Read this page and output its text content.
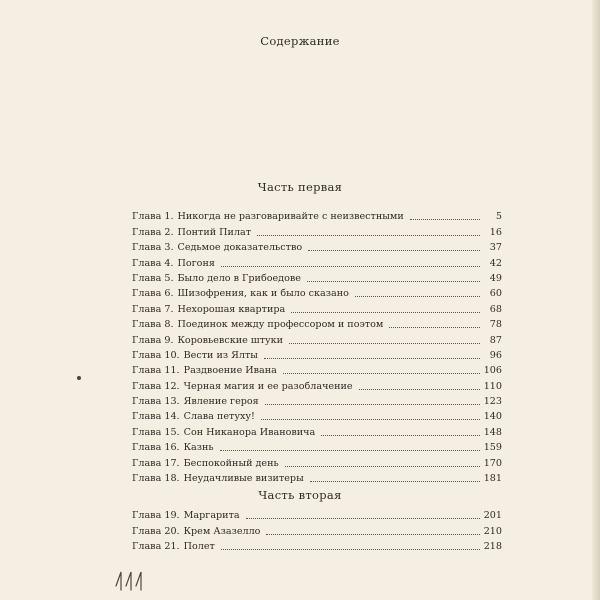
Содержание
Часть первая
Глава 1. Никогда не разговаривайте с неизвестными	5
Глава 2. Понтий Пилат	16
Глава 3. Седьмое доказательство	37
Глава 4. Погоня	42
Глава 5. Было дело в Грибоедове	49
Глава 6. Шизофрения, как и было сказано	60
Глава 7. Нехорошая квартира	68
Глава 8. Поединок между профессором и поэтом	78
Глава 9. Коровьевские штуки	87
Глава 10. Вести из Ялты	96
Глава 11. Раздвоение Ивана	106
Глава 12. Черная магия и ее разоблачение	110
Глава 13. Явление героя	123
Глава 14. Слава петуху!	140
Глава 15. Сон Никанора Ивановича	148
Глава 16. Казнь	159
Глава 17. Беспокойный день	170
Глава 18. Неудачливые визитеры	181
Часть вторая
Глава 19. Маргарита	201
Глава 20. Крем Азазелло	210
Глава 21. Полет	218
